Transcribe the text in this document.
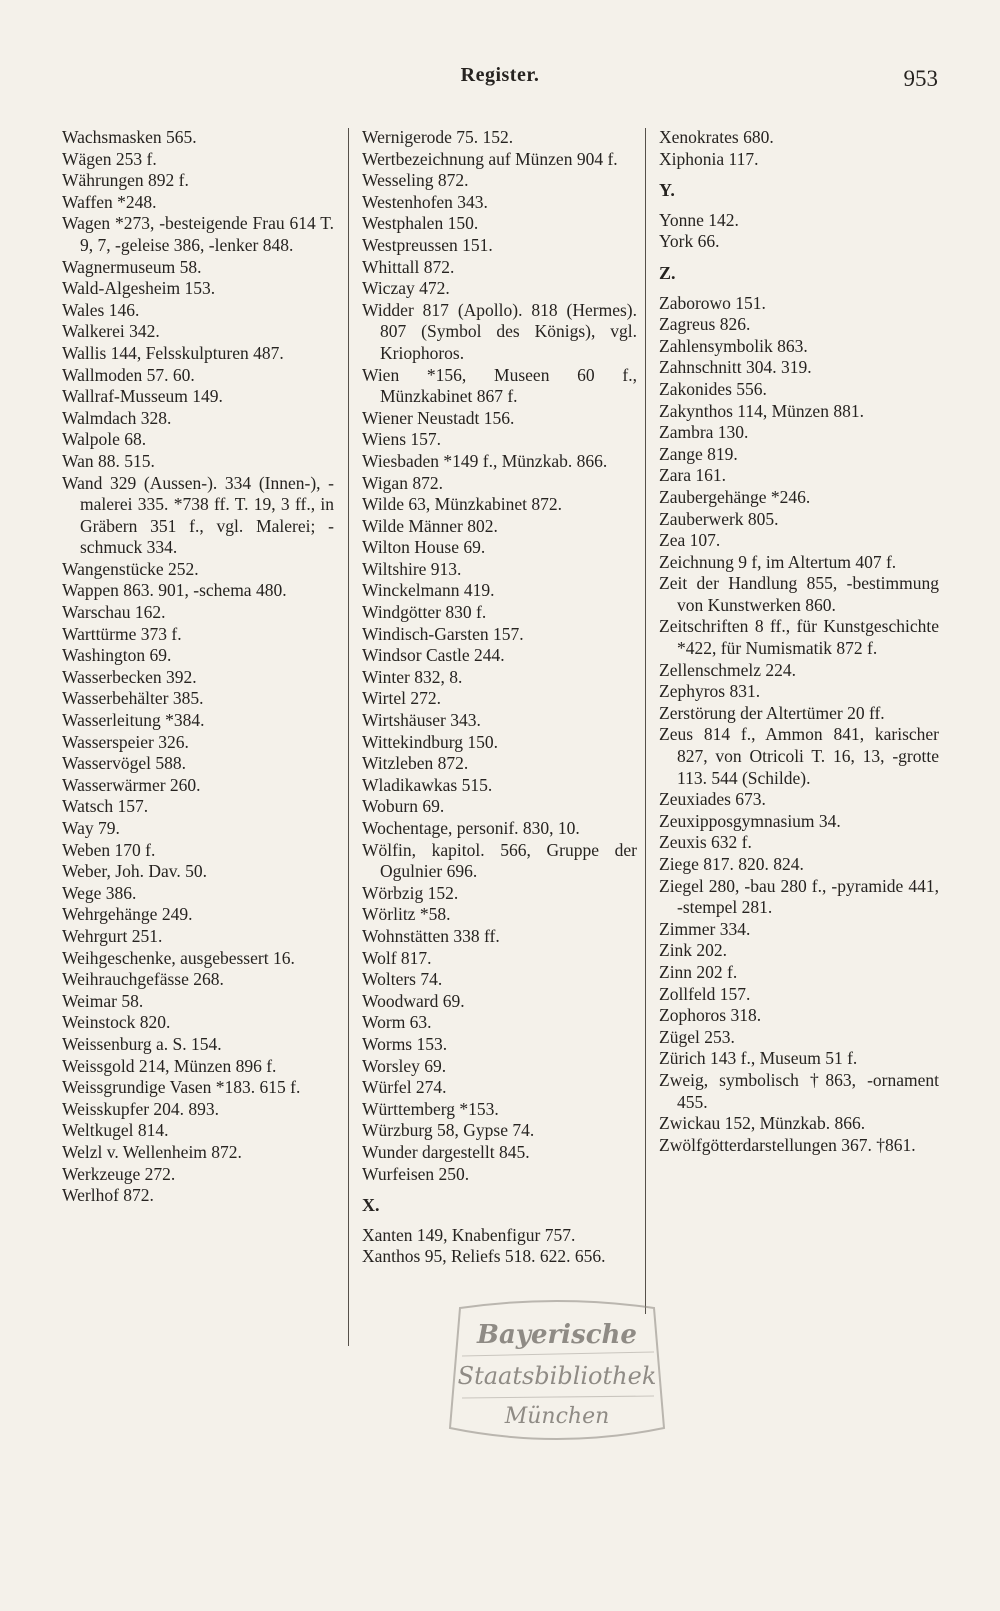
Register.	953

Wachsmasken 565.

Wägen 253 f.

Währungen 892 f.

Waffen *248.

Wagen *273, -besteigende Frau 614 T. 9, 7, -geleise 386, -lenker 848.

Wagnermuseum 58.

Wald-Algesheim 153.

Wales 146.

Walkerei 342.

Wallis 144, Felsskulpturen 487.

Wallmoden 57. 60.

Wallraf-Musseum 149.

Walmdach 328.

Walpole 68.

Wan 88. 515.

Wand 329 (Aussen-). 334 (Innen-), -malerei 335. *738 ff. T. 19, 3 ff., in Gräbern 351 f., vgl. Malerei; -schmuck 334.

Wangenstücke 252.

Wappen 863. 901, -schema 480.

Warschau 162.

Warttürme 373 f.

Washington 69.

Wasserbecken 392.

Wasserbehälter 385.

Wasserleitung *384.

Wasserspeier 326.

Wasservögel 588.

Wasserwärmer 260.

Watsch 157.

Way 79.

Weben 170 f.

Weber, Joh. Dav. 50.

Wege 386.

Wehrgehänge 249.

Wehrgurt 251.

Weihgeschenke, ausgebessert 16.

Weihrauchgefässe 268.

Weimar 58.

Weinstock 820.

Weissenburg a. S. 154.

Weissgold 214, Münzen 896 f.

Weissgrundige Vasen *183. 615 f.

Weisskupfer 204. 893.

Weltkugel 814.

Welzl v. Wellenheim 872.

Werkzeuge 272.

Werlhof 872.

Wernigerode 75. 152.

Wertbezeichnung auf Münzen 904 f.

Wesseling 872.

Westenhofen 343.

Westphalen 150.

Westpreussen 151.

Whittall 872.

Wiczay 472.

Widder 817 (Apollo). 818 (Hermes). 807 (Symbol des Königs), vgl. Kriophoros.

Wien *156, Museen 60 f., Münzkabinet 867 f.

Wiener Neustadt 156.

Wiens 157.

Wiesbaden *149 f., Münzkab. 866.

Wigan 872.

Wilde 63, Münzkabinet 872.

Wilde Männer 802.

Wilton House 69.

Wiltshire 913.

Winckelmann 419.

Windgötter 830 f.

Windisch-Garsten 157.

Windsor Castle 244.

Winter 832, 8.

Wirtel 272.

Wirtshäuser 343.

Wittekindburg 150.

Witzleben 872.

Wladikawkas 515.

Woburn 69.

Wochentage, personif. 830, 10.

Wölfin, kapitol. 566, Gruppe der Ogulnier 696.

Wörbzig 152.

Wörlitz *58.

Wohnstätten 338 ff.

Wolf 817.

Wolters 74.

Woodward 69.

Worm 63.

Worms 153.

Worsley 69.

Würfel 274.

Württemberg *153.

Würzburg 58, Gypse 74.

Wunder dargestellt 845.

Wurfeisen 250.

X.

Xanten 149, Knabenfigur 757.

Xanthos 95, Reliefs 518. 622. 656.

Xenokrates 680.

Xiphonia 117.

Y.

Yonne 142.

York 66.

Z.

Zaborowo 151.

Zagreus 826.

Zahlensymbolik 863.

Zahnschnitt 304. 319.

Zakonides 556.

Zakynthos 114, Münzen 881.

Zambra 130.

Zange 819.

Zara 161.

Zaubergehänge *246.

Zauberwerk 805.

Zea 107.

Zeichnung 9 f, im Altertum 407 f.

Zeit der Handlung 855, -bestimmung von Kunstwerken 860.

Zeitschriften 8 ff., für Kunstgeschichte *422, für Numismatik 872 f.

Zellenschmelz 224.

Zephyros 831.

Zerstörung der Altertümer 20 ff.

Zeus 814 f., Ammon 841, karischer 827, von Otricoli T. 16, 13, -grotte 113. 544 (Schilde).

Zeuxiades 673.

Zeuxipposgymnasium 34.

Zeuxis 632 f.

Ziege 817. 820. 824.

Ziegel 280, -bau 280 f., -pyramide 441, -stempel 281.

Zimmer 334.

Zink 202.

Zinn 202 f.

Zollfeld 157.

Zophoros 318.

Zügel 253.

Zürich 143 f., Museum 51 f.

Zweig, symbolisch †863, -ornament 455.

Zwickau 152, Münzkab. 866.

Zwölfgötterdarstellungen 367. †861.

Bayerische
Staatsbibliothek
München
